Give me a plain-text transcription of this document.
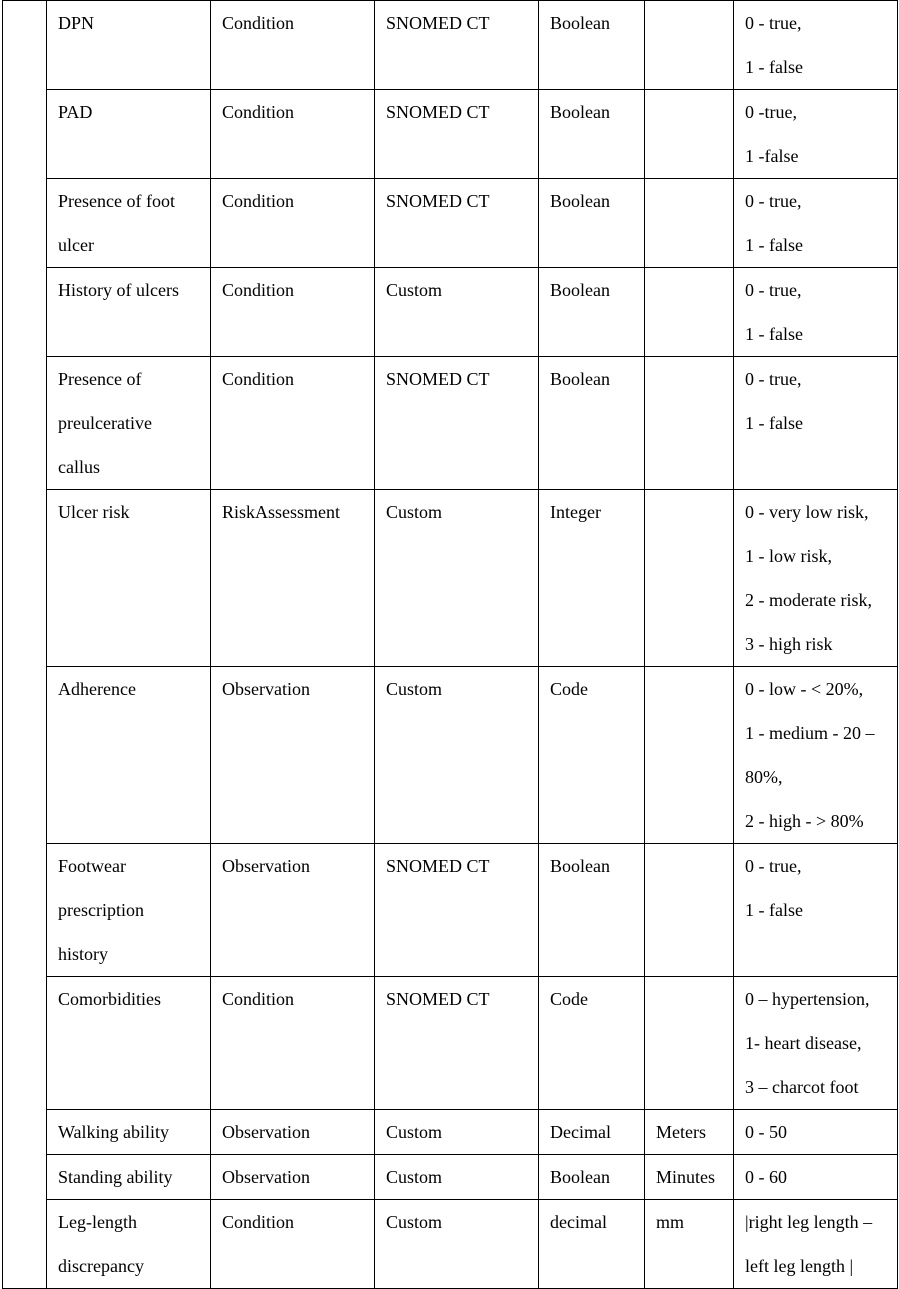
	DPN	Condition	SNOMED CT	Boolean		0 - true,
1 - false

	PAD	Condition	SNOMED CT	Boolean		0 -true,
1 -false

	Presence of foot
ulcer	Condition	SNOMED CT	Boolean		0 - true,
1 - false

	History of ulcers	Condition	Custom	Boolean		0 - true,
1 - false

	Presence of
preulcerative
callus	Condition	SNOMED CT	Boolean		0 - true,
1 - false

	Ulcer risk	RiskAssessment	Custom	Integer		0 - very low risk,
1 - low risk,
2 - moderate risk,
3 - high risk

	Adherence	Observation	Custom	Code		0 - low - < 20%,
1 - medium - 20 –
80%,
2 - high - > 80%

	Footwear
prescription
history	Observation	SNOMED CT	Boolean		0 - true,
1 - false

	Comorbidities	Condition	SNOMED CT	Code		0 – hypertension,
1- heart disease,
3 – charcot foot

	Walking ability	Observation	Custom	Decimal	Meters	0 - 50

	Standing ability	Observation	Custom	Boolean	Minutes	0 - 60

	Leg-length
discrepancy	Condition	Custom	decimal	mm	|right leg length –
left leg length |
